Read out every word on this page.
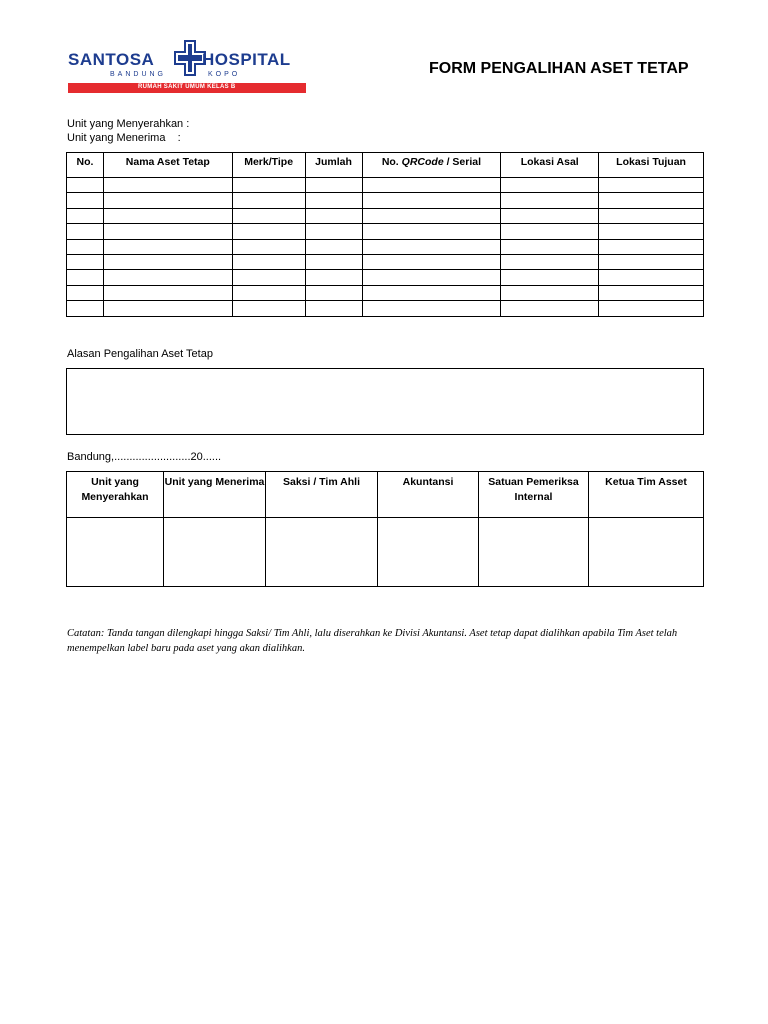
SANTOSA	HOSPITAL
BANDUNG	KOPO
RUMAH SAKIT UMUM KELAS B
FORM PENGALIHAN ASET TETAP
Unit yang Menyerahkan :
Unit yang Menerima    :
No.	Nama Aset Tetap	Merk/Tipe	Jumlah	No. QRCode / Serial	Lokasi Asal	Lokasi Tujuan

Alasan Pengalihan Aset Tetap
Bandung,.........................20......
Unit yang Menyerahkan	Unit yang Menerima	Saksi / Tim Ahli	Akuntansi	Satuan Pemeriksa Internal	Ketua Tim Asset

Catatan: Tanda tangan dilengkapi hingga Saksi/ Tim Ahli, lalu diserahkan ke Divisi Akuntansi. Aset tetap dapat dialihkan apabila Tim Aset telah menempelkan label baru pada aset yang akan dialihkan.
